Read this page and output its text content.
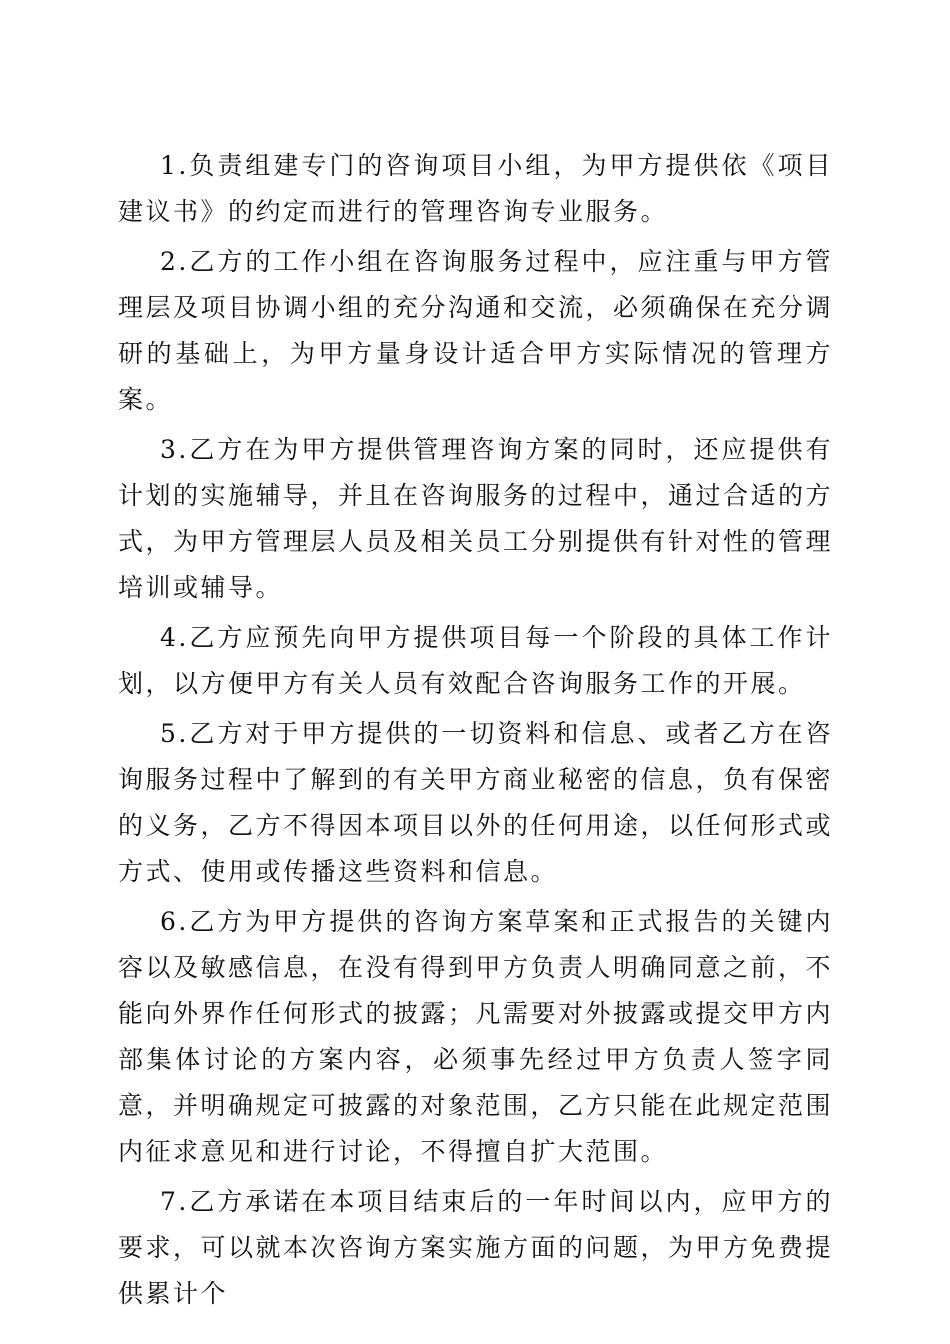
1.负责组建专门的咨询项目小组，为甲方提供依《项目建议书》的约定而进行的管理咨询专业服务。

2.乙方的工作小组在咨询服务过程中，应注重与甲方管理层及项目协调小组的充分沟通和交流，必须确保在充分调研的基础上，为甲方量身设计适合甲方实际情况的管理方案。

3.乙方在为甲方提供管理咨询方案的同时，还应提供有计划的实施辅导，并且在咨询服务的过程中，通过合适的方式，为甲方管理层人员及相关员工分别提供有针对性的管理培训或辅导。

4.乙方应预先向甲方提供项目每一个阶段的具体工作计划，以方便甲方有关人员有效配合咨询服务工作的开展。

5.乙方对于甲方提供的一切资料和信息、或者乙方在咨询服务过程中了解到的有关甲方商业秘密的信息，负有保密的义务，乙方不得因本项目以外的任何用途，以任何形式或方式、使用或传播这些资料和信息。

6.乙方为甲方提供的咨询方案草案和正式报告的关键内容以及敏感信息，在没有得到甲方负责人明确同意之前，不能向外界作任何形式的披露；凡需要对外披露或提交甲方内部集体讨论的方案内容，必须事先经过甲方负责人签字同意，并明确规定可披露的对象范围，乙方只能在此规定范围内征求意见和进行讨论，不得擅自扩大范围。

7.乙方承诺在本项目结束后的一年时间以内，应甲方的要求，可以就本次咨询方案实施方面的问题，为甲方免费提供累计个
